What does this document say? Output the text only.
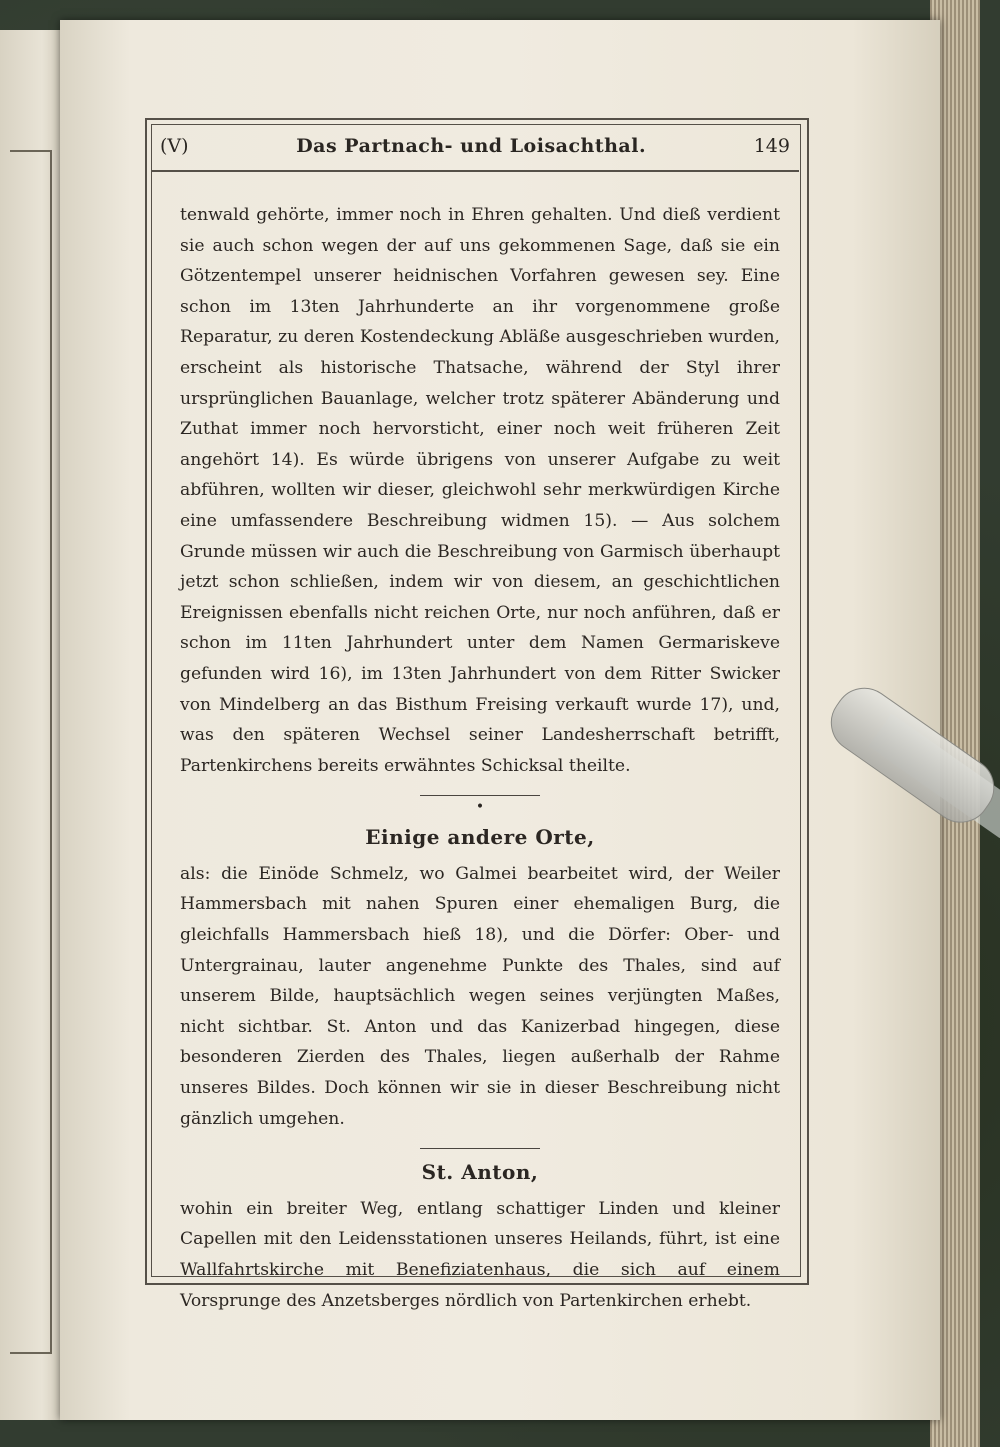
(V)	Das Partnach- und Loisachthal.	149

tenwald gehörte, immer noch in Ehren gehalten. Und dieß verdient sie auch schon wegen der auf uns gekommenen Sage, daß sie ein Götzentempel unserer heidnischen Vorfahren gewesen sey. Eine schon im 13ten Jahrhunderte an ihr vorgenommene große Reparatur, zu deren Kostendeckung Abläße ausgeschrieben wurden, erscheint als historische Thatsache, während der Styl ihrer ursprünglichen Bauanlage, welcher trotz späterer Abänderung und Zuthat immer noch hervorsticht, einer noch weit früheren Zeit angehört 14). Es würde übrigens von unserer Aufgabe zu weit abführen, wollten wir dieser, gleichwohl sehr merkwürdigen Kirche eine umfassendere Beschreibung widmen 15). — Aus solchem Grunde müssen wir auch die Beschreibung von Garmisch überhaupt jetzt schon schließen, indem wir von diesem, an geschichtlichen Ereignissen ebenfalls nicht reichen Orte, nur noch anführen, daß er schon im 11ten Jahrhundert unter dem Namen Germariskeve gefunden wird 16), im 13ten Jahrhundert von dem Ritter Swicker von Mindelberg an das Bisthum Freising verkauft wurde 17), und, was den späteren Wechsel seiner Landesherrschaft betrifft, Partenkirchens bereits erwähntes Schicksal theilte.

•
Einige andere Orte,

als: die Einöde Schmelz, wo Galmei bearbeitet wird, der Weiler Hammersbach mit nahen Spuren einer ehemaligen Burg, die gleichfalls Hammersbach hieß 18), und die Dörfer: Ober- und Untergrainau, lauter angenehme Punkte des Thales, sind auf unserem Bilde, hauptsächlich wegen seines verjüngten Maßes, nicht sichtbar. St. Anton und das Kanizerbad hingegen, diese besonderen Zierden des Thales, liegen außerhalb der Rahme unseres Bildes. Doch können wir sie in dieser Beschreibung nicht gänzlich umgehen.

St. Anton,

wohin ein breiter Weg, entlang schattiger Linden und kleiner Capellen mit den Leidensstationen unseres Heilands, führt, ist eine Wallfahrtskirche mit Benefiziatenhaus, die sich auf einem Vorsprunge des Anzetsberges nördlich von Partenkirchen erhebt.
